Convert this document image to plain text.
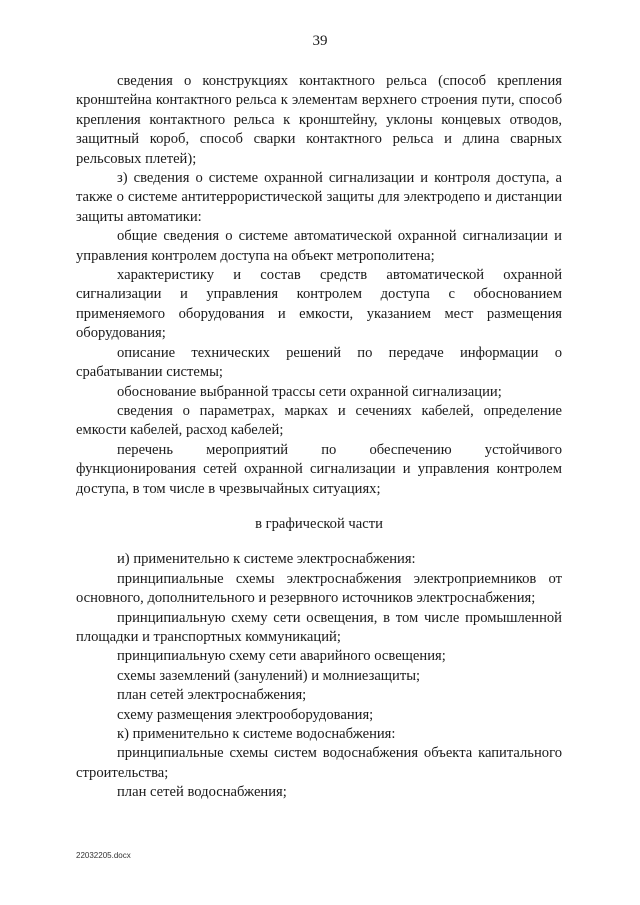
39

сведения о конструкциях контактного рельса (способ крепления кронштейна контактного рельса к элементам верхнего строения пути, способ крепления контактного рельса к кронштейну, уклоны концевых отводов, защитный короб, способ сварки контактного рельса и длина сварных рельсовых плетей);

з) сведения о системе охранной сигнализации и контроля доступа, а также о системе антитеррористической защиты для электродепо и дистанции защиты автоматики:

общие сведения о системе автоматической охранной сигнализации и управления контролем доступа на объект метрополитена;

характеристику и состав средств автоматической охранной сигнализации и управления контролем доступа с обоснованием применяемого оборудования и емкости, указанием мест размещения оборудования;

описание технических решений по передаче информации о срабатывании системы;

обоснование выбранной трассы сети охранной сигнализации;

сведения о параметрах, марках и сечениях кабелей, определение емкости кабелей, расход кабелей;

перечень мероприятий по обеспечению устойчивого функционирования сетей охранной сигнализации и управления контролем доступа, в том числе в чрезвычайных ситуациях;

в графической части

и) применительно к системе электроснабжения:

принципиальные схемы электроснабжения электроприемников от основного, дополнительного и резервного источников электроснабжения;

принципиальную схему сети освещения, в том числе промышленной площадки и транспортных коммуникаций;

принципиальную схему сети аварийного освещения;

схемы заземлений (занулений) и молниезащиты;

план сетей электроснабжения;

схему размещения электрооборудования;

к) применительно к системе водоснабжения:

принципиальные схемы систем водоснабжения объекта капитального строительства;

план сетей водоснабжения;

22032205.docx
